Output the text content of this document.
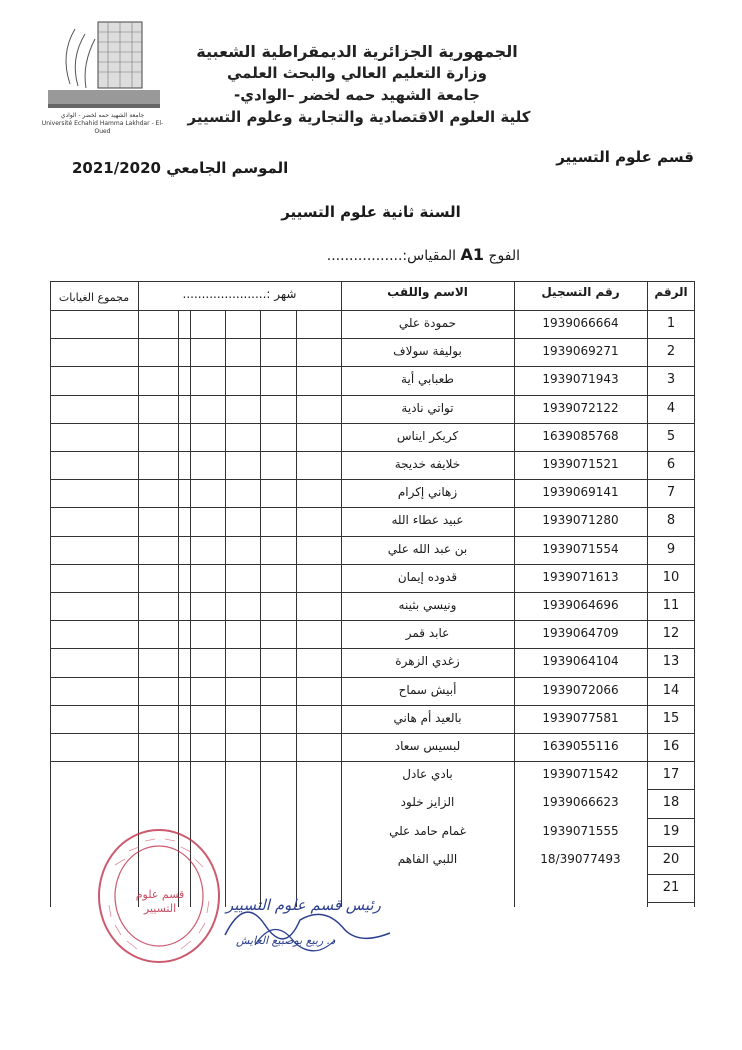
جامعة الشهيد حمه لخضر - الوادي
Université Echahid Hamma Lakhdar - El-Oued
الجمهورية الجزائرية الديمقراطية الشعبية
وزارة التعليم العالي والبحث العلمي
جامعة الشهيد حمه لخضر –الوادي-
كلية العلوم الاقتصادية والتجارية وعلوم التسيير
قسم علوم التسيير
الموسم الجامعي 2021/2020
السنة ثانية علوم التسيير
الفوج A1 المقياس:.................
الرقم
رقم التسجيل
الاسم واللقب
شهر :......................
مجموع الغيابات
1
1939066664
حمودة علي
2
1939069271
بوليفة سولاف
3
1939071943
طعبابي أية
4
1939072122
تواتي نادية
5
1639085768
كريكر ايناس
6
1939071521
خلايفه خديجة
7
1939069141
زهاني إكرام
8
1939071280
عبيد عطاء الله
9
1939071554
بن عبد الله علي
10
1939071613
قدوده إيمان
11
1939064696
ونيسي بثينه
12
1939064709
عابد قمر
13
1939064104
زغدي الزهرة
14
1939072066
أبيش سماح
15
1939077581
بالعيد أم هاني
16
1639055116
لبسيس سعاد
17
1939071542
بادي عادل
18
1939066623
الزايز خلود
19
1939071555
غمام حامد علي
20
18/39077493
اللبي الفاهم
21
قسم علوم التسيير	رئيس قسم علوم التسيير
د. ربيع بوصبيع العايش
